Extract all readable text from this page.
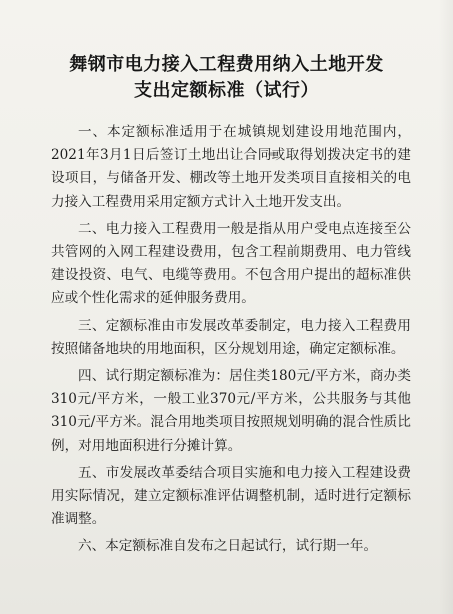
舞钢市电力接入工程费用纳入土地开发
支出定额标准（试行）

一、本定额标准适用于在城镇规划建设用地范围内，2021年3月1日后签订土地出让合同或取得划拨决定书的建设项目，与储备开发、棚改等土地开发类项目直接相关的电力接入工程费用采用定额方式计入土地开发支出。

二、电力接入工程费用一般是指从用户受电点连接至公共管网的入网工程建设费用，包含工程前期费用、电力管线建设投资、电气、电缆等费用。不包含用户提出的超标准供应或个性化需求的延伸服务费用。

三、定额标准由市发展改革委制定，电力接入工程费用按照储备地块的用地面积，区分规划用途，确定定额标准。

四、试行期定额标准为：居住类180元/平方米，商办类310元/平方米，一般工业370元/平方米，公共服务与其他310元/平方米。混合用地类项目按照规划明确的混合性质比例，对用地面积进行分摊计算。

五、市发展改革委结合项目实施和电力接入工程建设费用实际情况，建立定额标准评估调整机制，适时进行定额标准调整。

六、本定额标准自发布之日起试行，试行期一年。
